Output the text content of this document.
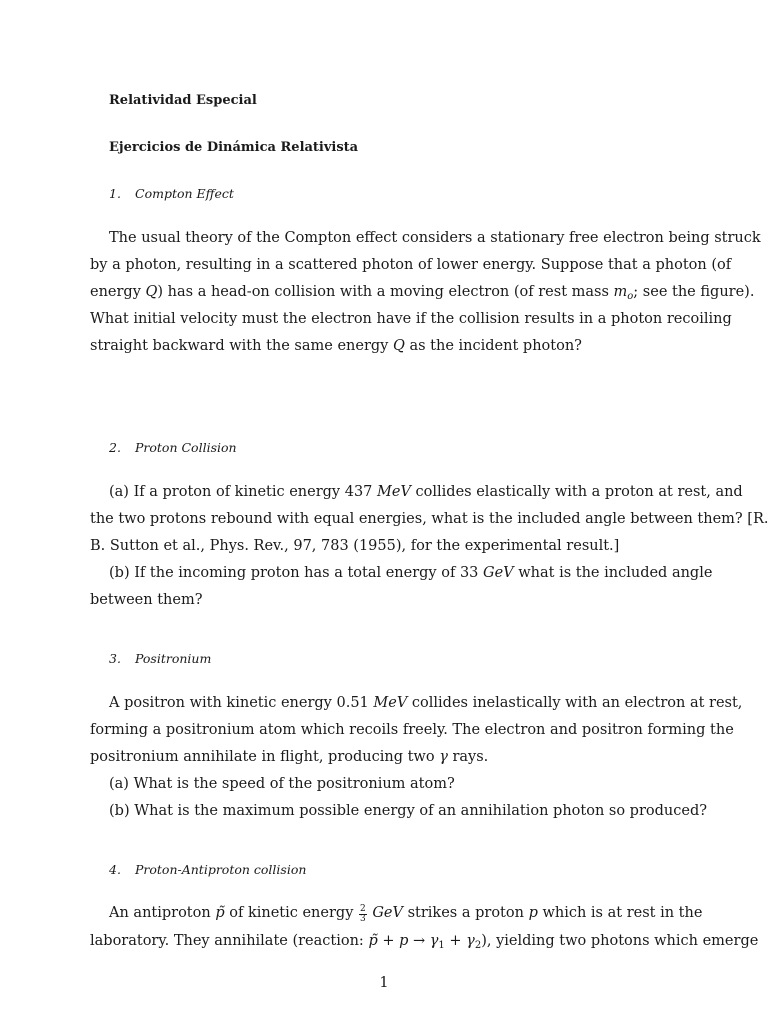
Relatividad Especial
Ejercicios de Dinámica Relativista
1. Compton Effect
The usual theory of the Compton effect considers a stationary free electron being struck
by a photon, resulting in a scattered photon of lower energy. Suppose that a photon (of
energy Q) has a head-on collision with a moving electron (of rest mass $m_o$; see the figure).
What initial velocity must the electron have if the collision results in a photon recoiling
straight backward with the same energy Q as the incident photon?
2. Proton Collision
(a) If a proton of kinetic energy 437 MeV collides elastically with a proton at rest, and
the two protons rebound with equal energies, what is the included angle between them? [R.
B. Sutton et al., Phys. Rev., 97, 783 (1955), for the experimental result.]
(b) If the incoming proton has a total energy of 33 GeV what is the included angle
between them?
3. Positronium
A positron with kinetic energy 0.51 MeV collides inelastically with an electron at rest,
forming a positronium atom which recoils freely. The electron and positron forming the
positronium annihilate in flight, producing two γ rays.
(a) What is the speed of the positronium atom?
(b) What is the maximum possible energy of an annihilation photon so produced?
4. Proton-Antiproton collision
An antiproton p̃ of kinetic energy $\frac{2}{3}$ GeV strikes a proton p which is at rest in the
laboratory. They annihilate (reaction: p̃ + $p \to \gamma_1 + \gamma_2$), yielding two photons which emerge
1
